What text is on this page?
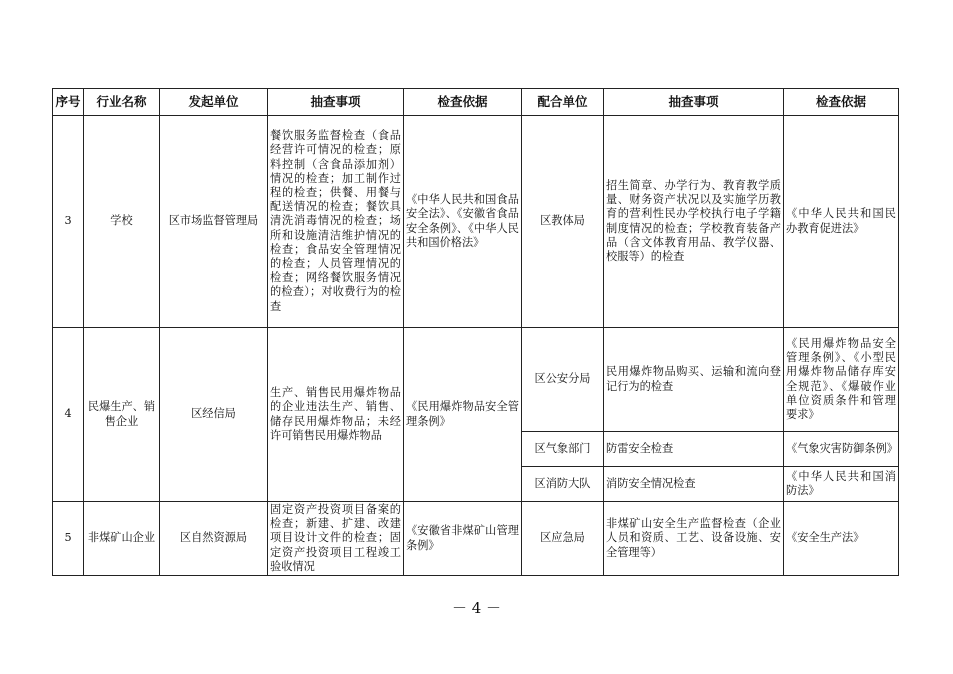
序号	行业名称	发起单位	抽查事项	检查依据	配合单位	抽查事项	检查依据
3	学校	区市场监督管理局	餐饮服务监督检查（食品经营许可情况的检查；原料控制（含食品添加剂）情况的检查；加工制作过程的检查；供餐、用餐与配送情况的检查；餐饮具清洗消毒情况的检查；场所和设施清洁维护情况的检查；食品安全管理情况的检查；人员管理情况的检查；网络餐饮服务情况的检查）；对收费行为的检查	《中华人民共和国食品安全法》、《安徽省食品安全条例》、《中华人民共和国价格法》	区教体局	招生简章、办学行为、教育教学质量、财务资产状况以及实施学历教育的营利性民办学校执行电子学籍制度情况的检查；学校教育装备产品（含文体教育用品、教学仪器、校服等）的检查	《中华人民共和国民办教育促进法》
4	民爆生产、销售企业	区经信局	生产、销售民用爆炸物品的企业违法生产、销售、储存民用爆炸物品；未经许可销售民用爆炸物品	《民用爆炸物品安全管理条例》	区公安分局	民用爆炸物品购买、运输和流向登记行为的检查	《民用爆炸物品安全管理条例》、《小型民用爆炸物品储存库安全规范》、《爆破作业单位资质条件和管理要求》
					区气象部门	防雷安全检查	《气象灾害防御条例》
					区消防大队	消防安全情况检查	《中华人民共和国消防法》
5	非煤矿山企业	区自然资源局	固定资产投资项目备案的检查；新建、扩建、改建项目设计文件的检查；固定资产投资项目工程竣工验收情况	《安徽省非煤矿山管理条例》	区应急局	非煤矿山安全生产监督检查（企业人员和资质、工艺、设备设施、安全管理等）	《安全生产法》
－ 4 －
